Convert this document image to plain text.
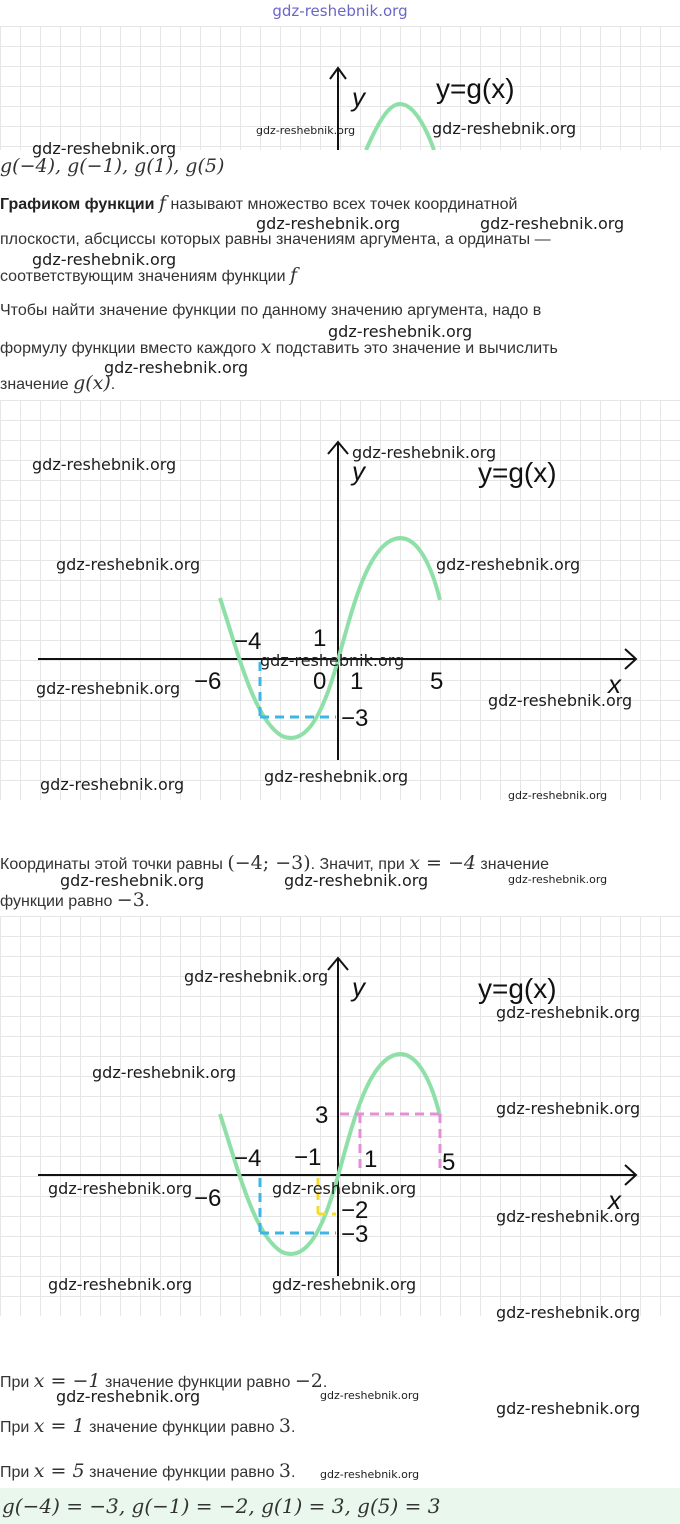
gdz-reshebnik.org
y	y=g(x)
gdz-reshebnik.org	gdz-reshebnik.org
gdz-reshebnik.org
g(−4), g(−1), g(1), g(5)
Графиком функции f называют множество всех точек координатной
gdz-reshebnik.org	gdz-reshebnik.org
плоскости, абсциссы которых равны значениям аргумента, а ординаты —
gdz-reshebnik.org
соответствующим значениям функции f
Чтобы найти значение функции по данному значению аргумента, надо в
gdz-reshebnik.org
формулу функции вместо каждого x подставить это значение и вычислить
gdz-reshebnik.org
значение g(x).
y	y=g(x)
x
1
0 1	5
−4
−6
−3
gdz-reshebnik.org
gdz-reshebnik.org
gdz-reshebnik.org	gdz-reshebnik.org
gdz-reshebnik.org
gdz-reshebnik.org
gdz-reshebnik.org
gdz-reshebnik.org
gdz-reshebnik.org
gdz-reshebnik.org
Координаты этой точки равны (−4; −3). Значит, при x = −4 значение
gdz-reshebnik.org	gdz-reshebnik.org	gdz-reshebnik.org
функции равно −3.
y	y=g(x)
x
3
−1 1	5
−4
−6	−2
−3
gdz-reshebnik.org
gdz-reshebnik.org
gdz-reshebnik.org
gdz-reshebnik.org
gdz-reshebnik.org	gdz-reshebnik.org
gdz-reshebnik.org
gdz-reshebnik.org	gdz-reshebnik.org
gdz-reshebnik.org
При x = −1 значение функции равно −2.
gdz-reshebnik.org	gdz-reshebnik.org
gdz-reshebnik.org
При x = 1 значение функции равно 3.
При x = 5 значение функции равно 3. gdz-reshebnik.org
g(−4) = −3, g(−1) = −2, g(1) = 3, g(5) = 3
